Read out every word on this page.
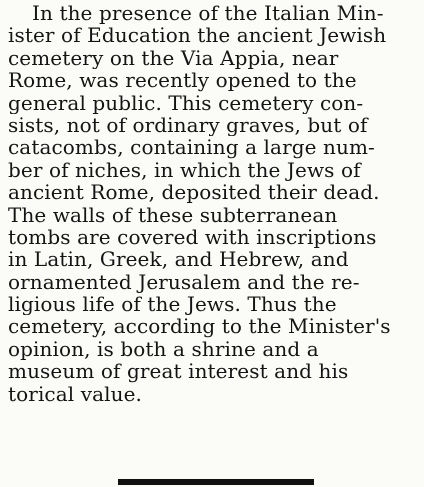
In the presence of the Italian Min-
ister of Education the ancient Jewish
cemetery on the Via Appia, near
Rome, was recently opened to the
general public. This cemetery con-
sists, not of ordinary graves, but of
catacombs, containing a large num-
ber of niches, in which the Jews of
ancient Rome, deposited their dead.
The walls of these subterranean
tombs are covered with inscriptions
in Latin, Greek, and Hebrew, and
ornamented Jerusalem and the re-
ligious life of the Jews. Thus the
cemetery, according to the Minister's
opinion, is both a shrine and a
museum of great interest and his
torical value.
